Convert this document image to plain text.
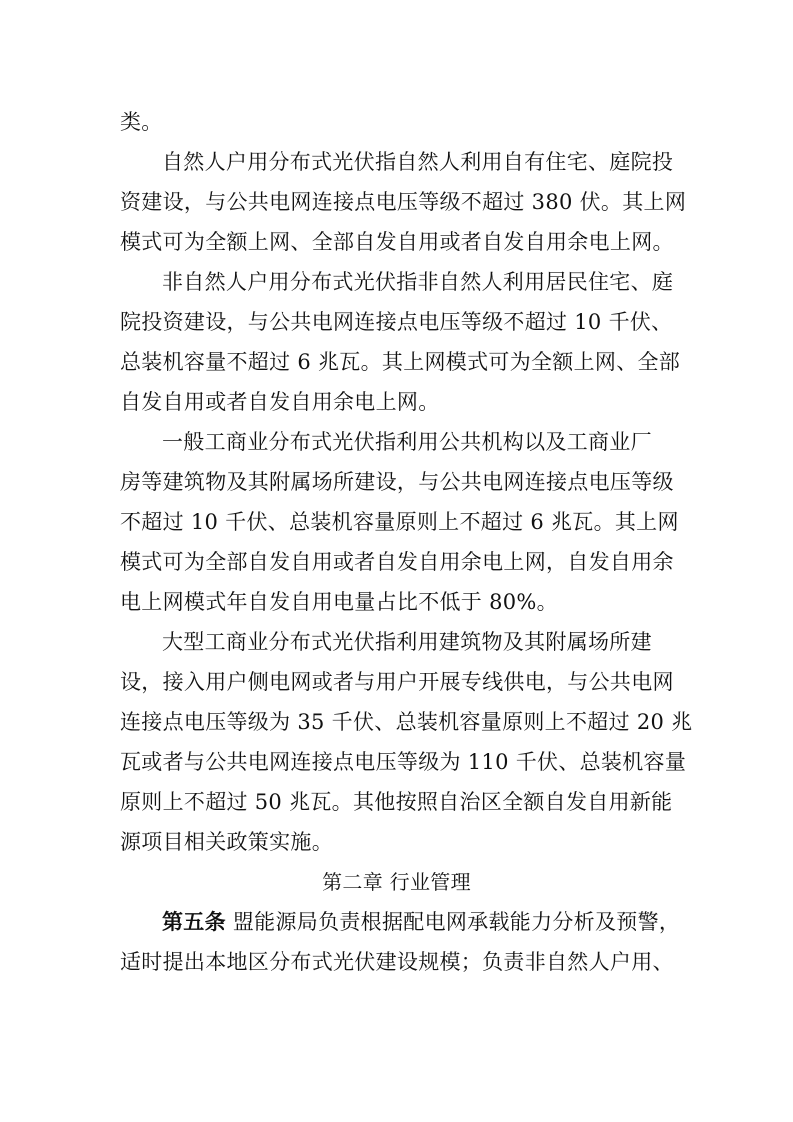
类。
自然人户用分布式光伏指自然人利用自有住宅、庭院投
资建设，与公共电网连接点电压等级不超过 380 伏。其上网
模式可为全额上网、全部自发自用或者自发自用余电上网。
非自然人户用分布式光伏指非自然人利用居民住宅、庭
院投资建设，与公共电网连接点电压等级不超过 10 千伏、
总装机容量不超过 6 兆瓦。其上网模式可为全额上网、全部
自发自用或者自发自用余电上网。
一般工商业分布式光伏指利用公共机构以及工商业厂
房等建筑物及其附属场所建设，与公共电网连接点电压等级
不超过 10 千伏、总装机容量原则上不超过 6 兆瓦。其上网
模式可为全部自发自用或者自发自用余电上网，自发自用余
电上网模式年自发自用电量占比不低于 80%。
大型工商业分布式光伏指利用建筑物及其附属场所建
设，接入用户侧电网或者与用户开展专线供电，与公共电网
连接点电压等级为 35 千伏、总装机容量原则上不超过 20 兆
瓦或者与公共电网连接点电压等级为 110 千伏、总装机容量
原则上不超过 50 兆瓦。其他按照自治区全额自发自用新能
源项目相关政策实施。
第二章 行业管理
第五条 盟能源局负责根据配电网承载能力分析及预警，
适时提出本地区分布式光伏建设规模；负责非自然人户用、
